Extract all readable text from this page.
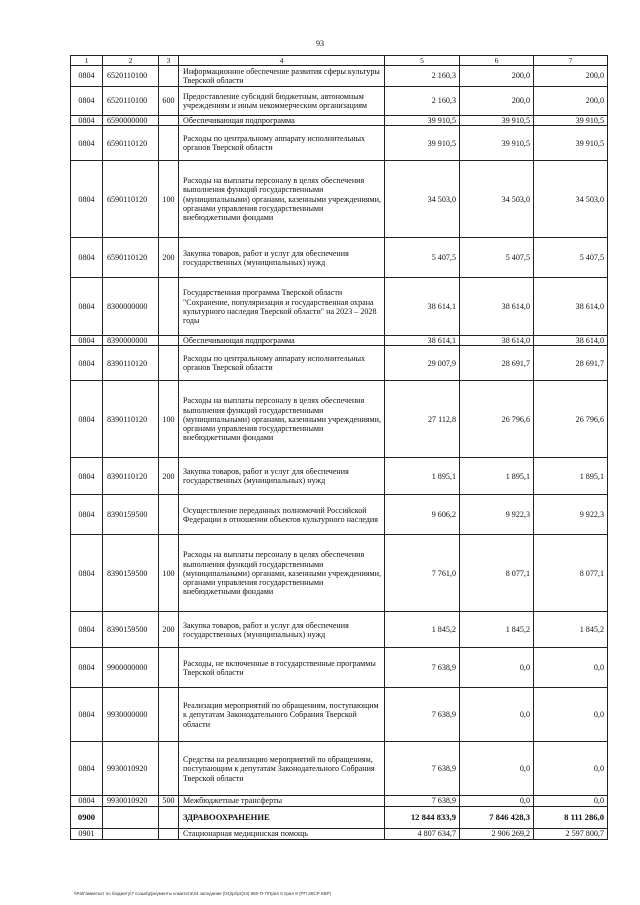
93
1	2	3	4	5	6	7
0804	6520110100		Информационное обеспечение развития сферы культуры Тверской области	2 160,3	200,0	200,0
0804	6520110100	600	Предоставление субсидий бюджетным, автономным учреждениям и иным некоммерческим организациям	2 160,3	200,0	200,0
0804	6590000000		Обеспечивающая подпрограмма	39 910,5	39 910,5	39 910,5
0804	6590110120		Расходы по центральному аппарату исполнительных органов Тверской области	39 910,5	39 910,5	39 910,5
0804	6590110120	100	Расходы на выплаты персоналу в целях обеспечения выполнения функций государственными (муниципальными) органами, казенными учреждениями, органами управления государственными внебюджетными фондами	34 503,0	34 503,0	34 503,0
0804	6590110120	200	Закупка товаров, работ и услуг для обеспечения государственных (муниципальных) нужд	5 407,5	5 407,5	5 407,5
0804	8300000000		Государственная программа Тверской области "Сохранение, популяризация и государственная охрана культурного наследия Тверской области" на 2023 – 2028 годы	38 614,1	38 614,0	38 614,0
0804	8390000000		Обеспечивающая подпрограмма	38 614,1	38 614,0	38 614,0
0804	8390110120		Расходы по центральному аппарату исполнительных органов Тверской области	29 007,9	28 691,7	28 691,7
0804	8390110120	100	Расходы на выплаты персоналу в целях обеспечения выполнения функций государственными (муниципальными) органами, казенными учреждениями, органами управления государственными внебюджетными фондами	27 112,8	26 796,6	26 796,6
0804	8390110120	200	Закупка товаров, работ и услуг для обеспечения государственных (муниципальных) нужд	1 895,1	1 895,1	1 895,1
0804	8390159500		Осуществление переданных полномочий Российской Федерации в отношении объектов культурного наследия	9 606,2	9 922,3	9 922,3
0804	8390159500	100	Расходы на выплаты персоналу в целях обеспечения выполнения функций государственными (муниципальными) органами, казенными учреждениями, органами управления государственными внебюджетными фондами	7 761,0	8 077,1	8 077,1
0804	8390159500	200	Закупка товаров, работ и услуг для обеспечения государственных (муниципальных) нужд	1 845,2	1 845,2	1 845,2
0804	9900000000		Расходы, не включенные в государственные программы Тверской области	7 638,9	0,0	0,0
0804	9930000000		Реализация мероприятий по обращениям, поступающим к депутатам Законодательного Собрания Тверской области	7 638,9	0,0	0,0
0804	9930010920		Средства на реализацию мероприятий по обращениям, поступающим к депутатам Законодательного Собрания Тверской области	7 638,9	0,0	0,0
0804	9930010920	500	Межбюджетные трансферты	7 638,9	0,0	0,0
0900			ЗДРАВООХРАНЕНИЕ	12 844 833,9	7 846 428,3	8 111 286,0
0901			Стационарная медицинская помощь	4 807 634,7	2 906 269,2	2 597 800,7
\\Pa\Гамиеткот по бюджету\7 созыв\Документы комитета\24 заседание (04)\pr\pr(24) 860-П-7\Прил 5 прил 8 (РП ЗКСР КВР)
